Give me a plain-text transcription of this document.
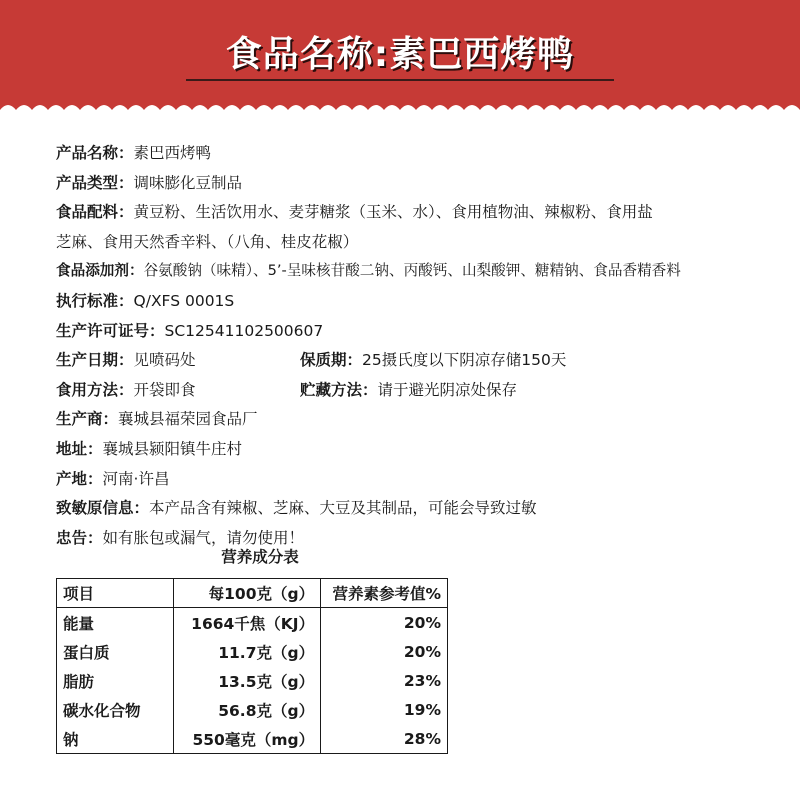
食品名称:素巴西烤鸭
产品名称：素巴西烤鸭
产品类型：调味膨化豆制品
食品配料：黄豆粉、生活饮用水、麦芽糖浆（玉米、水）、食用植物油、辣椒粉、食用盐
芝麻、食用天然香辛料、（八角、桂皮花椒）
食品添加剂：谷氨酸钠（味精）、5’-呈味核苷酸二钠、丙酸钙、山梨酸钾、糖精钠、食品香精香料
执行标准：Q/XFS 0001S
生产许可证号：SC12541102500607
生产日期：见喷码处	保质期：25摄氏度以下阴凉存储150天
食用方法：开袋即食	贮藏方法：请于避光阴凉处保存
生产商：襄城县福荣园食品厂
地址：襄城县颍阳镇牛庄村
产地：河南·许昌
致敏原信息：本产品含有辣椒、芝麻、大豆及其制品，可能会导致过敏
忠告：如有胀包或漏气，请勿使用！
营养成分表
项目	每100克（g）	营养素参考值%
能量	1664千焦（KJ）	20%
蛋白质	11.7克（g）	20%
脂肪	13.5克（g）	23%
碳水化合物	56.8克（g）	19%
钠	550毫克（mg）	28%
